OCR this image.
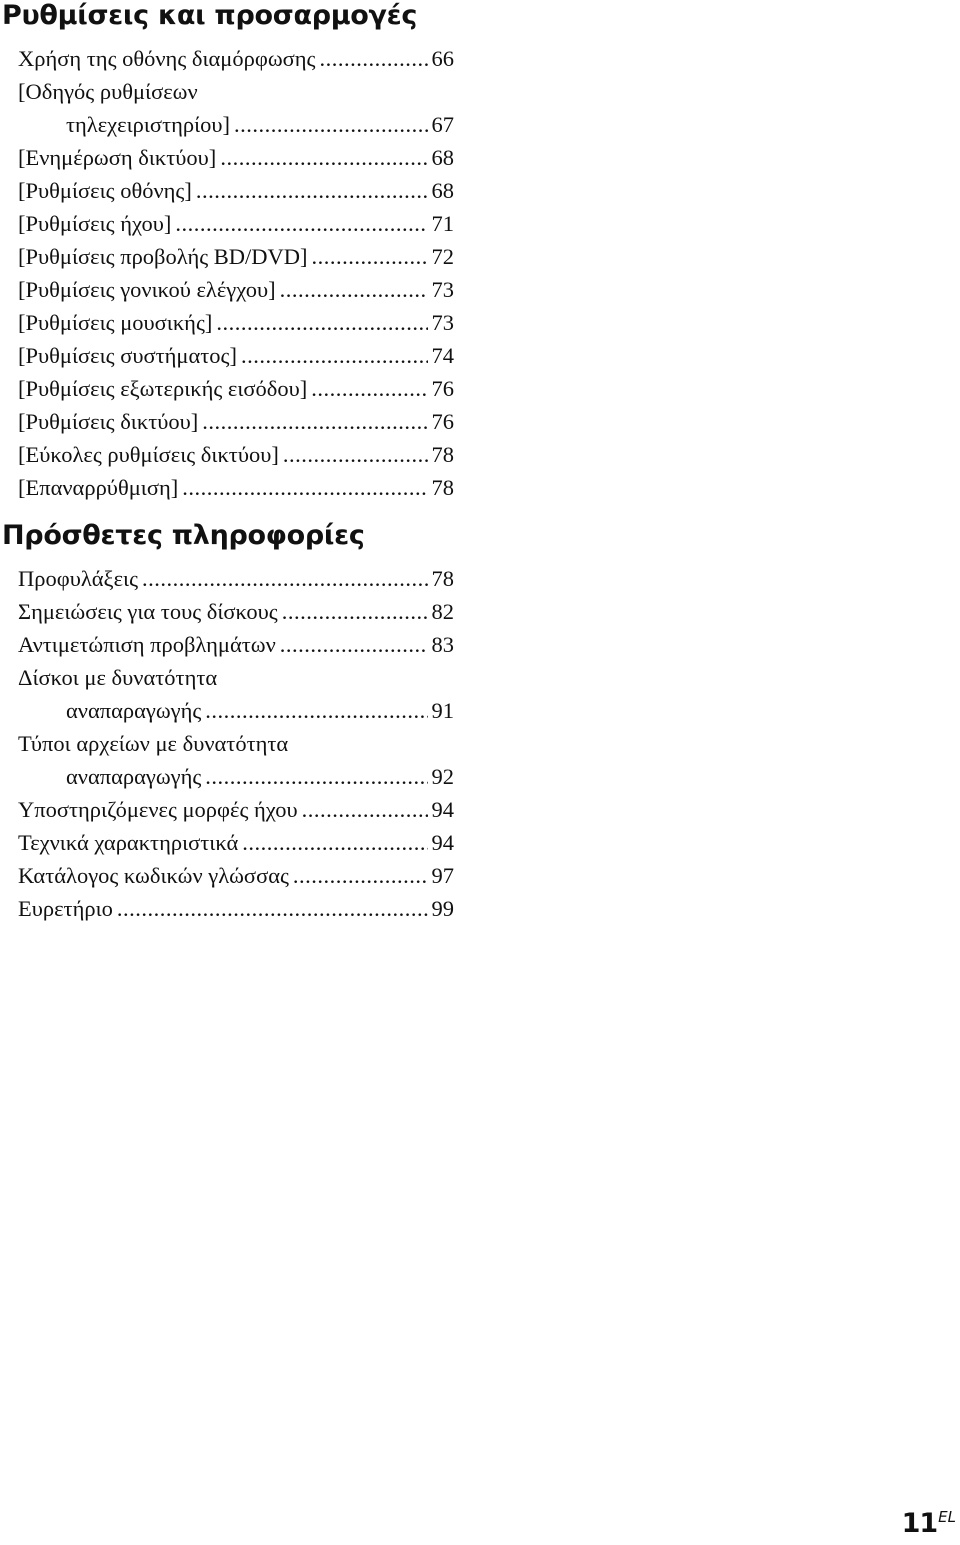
Ρυθμίσεις και προσαρμογές
Χρήση της οθόνης διαμόρφωσης .....	66
[Οδηγός ρυθμίσεων
τηλεχειριστηρίου] .....	67
[Ενημέρωση δικτύου] .....	68
[Ρυθμίσεις οθόνης] .....	68
[Ρυθμίσεις ήχου] .....	71
[Ρυθμίσεις προβολής BD/DVD] .....	72
[Ρυθμίσεις γονικού ελέγχου] .....	73
[Ρυθμίσεις μουσικής] .....	73
[Ρυθμίσεις συστήματος] .....	74
[Ρυθμίσεις εξωτερικής εισόδου] .....	76
[Ρυθμίσεις δικτύου] .....	76
[Εύκολες ρυθμίσεις δικτύου] .....	78
[Επαναρρύθμιση] .....	78
Πρόσθετες πληροφορίες
Προφυλάξεις .....	78
Σημειώσεις για τους δίσκους .....	82
Αντιμετώπιση προβλημάτων .....	83
Δίσκοι με δυνατότητα
αναπαραγωγής .....	91
Τύποι αρχείων με δυνατότητα
αναπαραγωγής .....	92
Υποστηριζόμενες μορφές ήχου .....	94
Τεχνικά χαρακτηριστικά .....	94
Κατάλογος κωδικών γλώσσας .....	97
Ευρετήριο .....	99
11 EL
